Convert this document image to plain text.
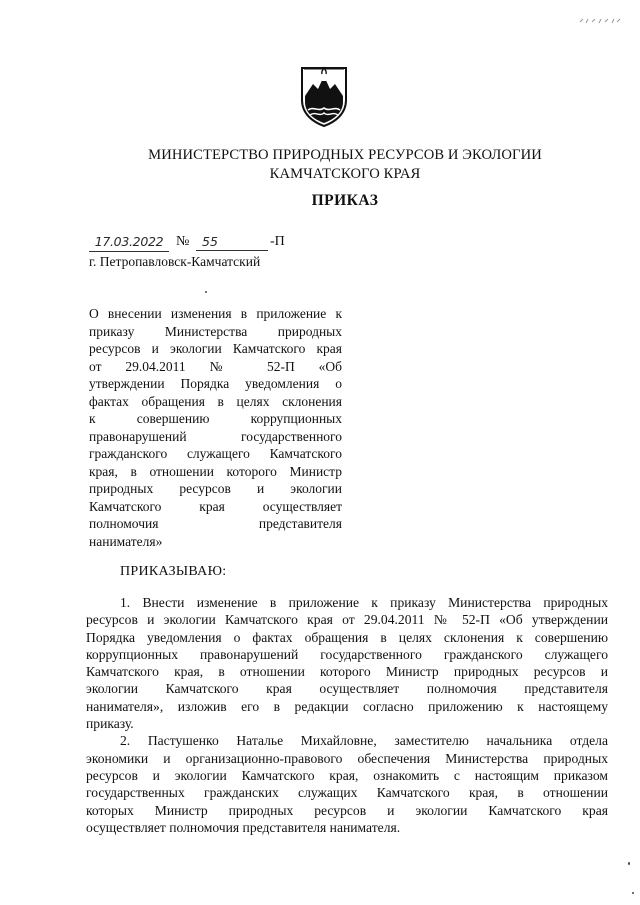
МИНИСТЕРСТВО ПРИРОДНЫХ РЕСУРСОВ И ЭКОЛОГИИ
КАМЧАТСКОГО КРАЯ
ПРИКАЗ
17.03.2022 №	55	-П
г. Петропавловск-Камчатский
О внесении изменения в приложение к
приказу Министерства природных
ресурсов и экологии Камчатского края
от 29.04.2011 № 52-П «Об
утверждении Порядка уведомления о
фактах обращения в целях склонения
к совершению коррупционных
правонарушений государственного
гражданского служащего Камчатского
края, в отношении которого Министр
природных ресурсов и экологии
Камчатского края осуществляет
полномочия представителя
нанимателя»
ПРИКАЗЫВАЮ:
1. Внести изменение в приложение к приказу Министерства природных
ресурсов и экологии Камчатского края от 29.04.2011 № 52-П «Об утверждении
Порядка уведомления о фактах обращения в целях склонения к совершению
коррупционных правонарушений государственного гражданского служащего
Камчатского края, в отношении которого Министр природных ресурсов и
экологии Камчатского края осуществляет полномочия представителя
нанимателя», изложив его в редакции согласно приложению к настоящему
приказу.
2. Пастушенко Наталье Михайловне, заместителю начальника отдела
экономики и организационно-правового обеспечения Министерства природных
ресурсов и экологии Камчатского края, ознакомить с настоящим приказом
государственных гражданских служащих Камчатского края, в отношении
которых Министр природных ресурсов и экологии Камчатского края
осуществляет полномочия представителя нанимателя.
